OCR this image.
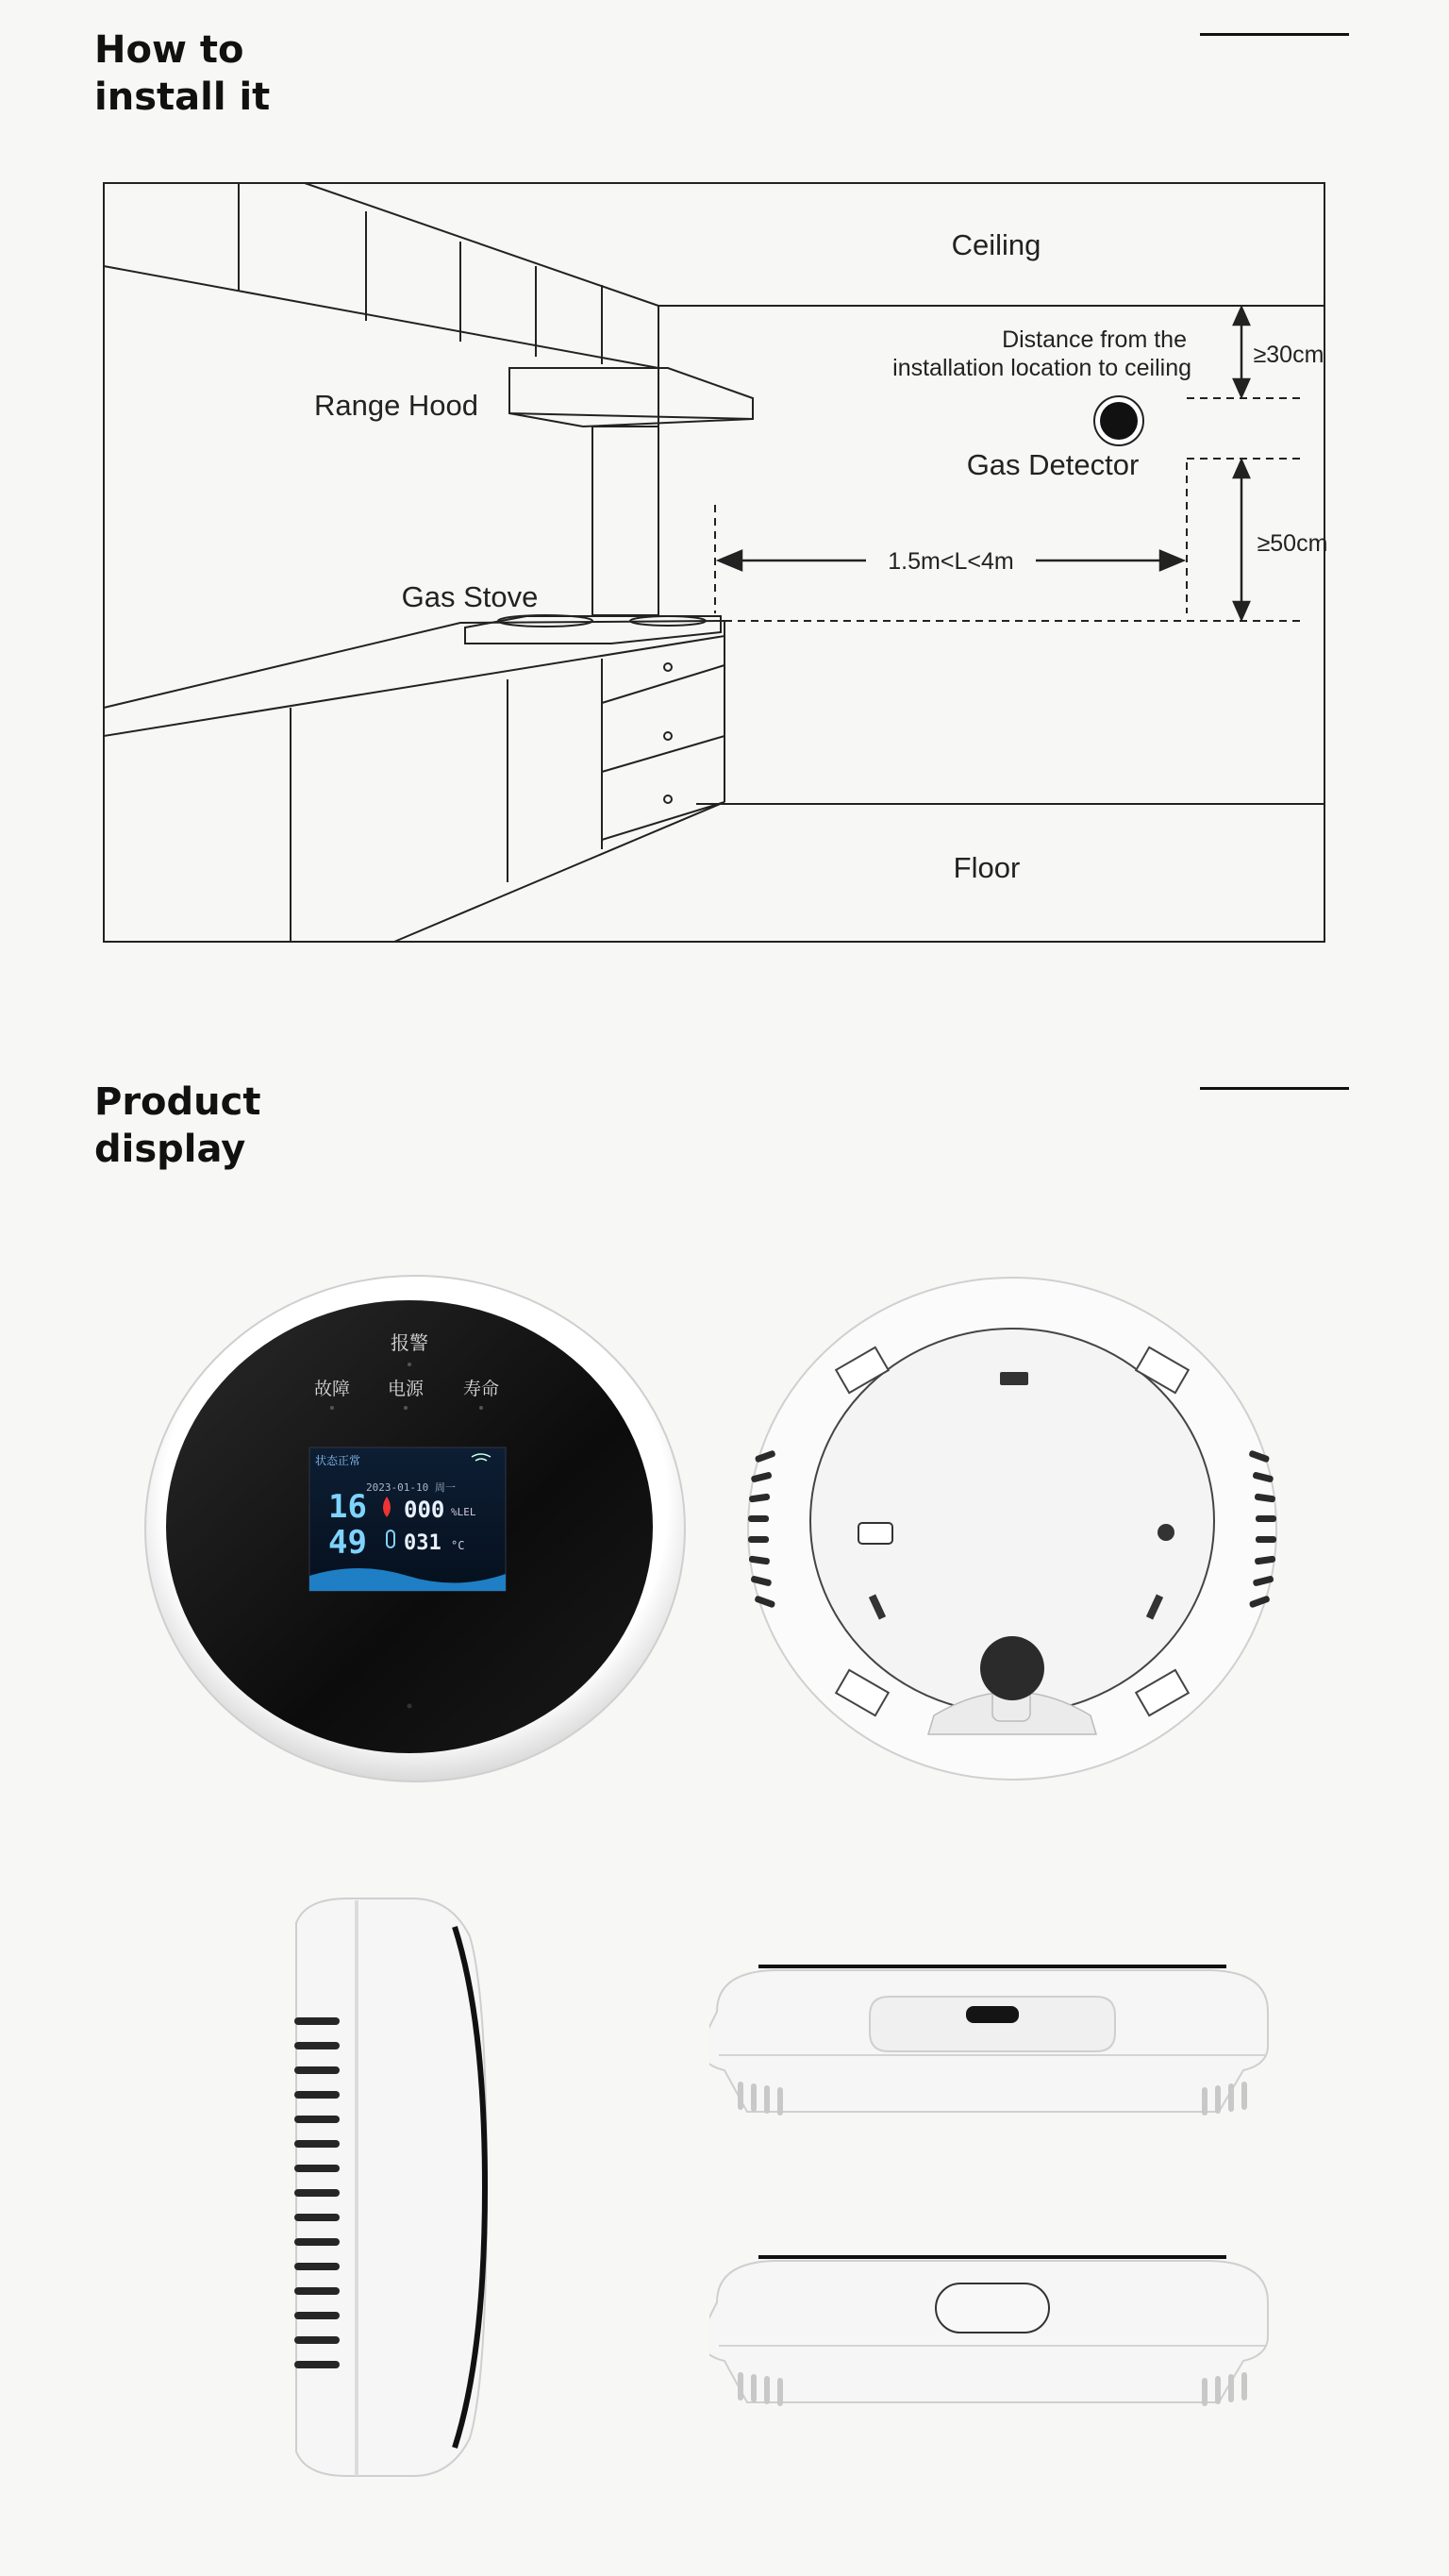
How to
install it
Ceiling
Floor
Range Hood
Gas Stove
Gas Detector
Distance from the
installation location to ceiling	≥30cm
≥50cm
1.5m<L<4m
Product
display
报警
故障 电源 寿命
状态正常
2023-01-10 周一
16
49
000 %LEL
031 °C
